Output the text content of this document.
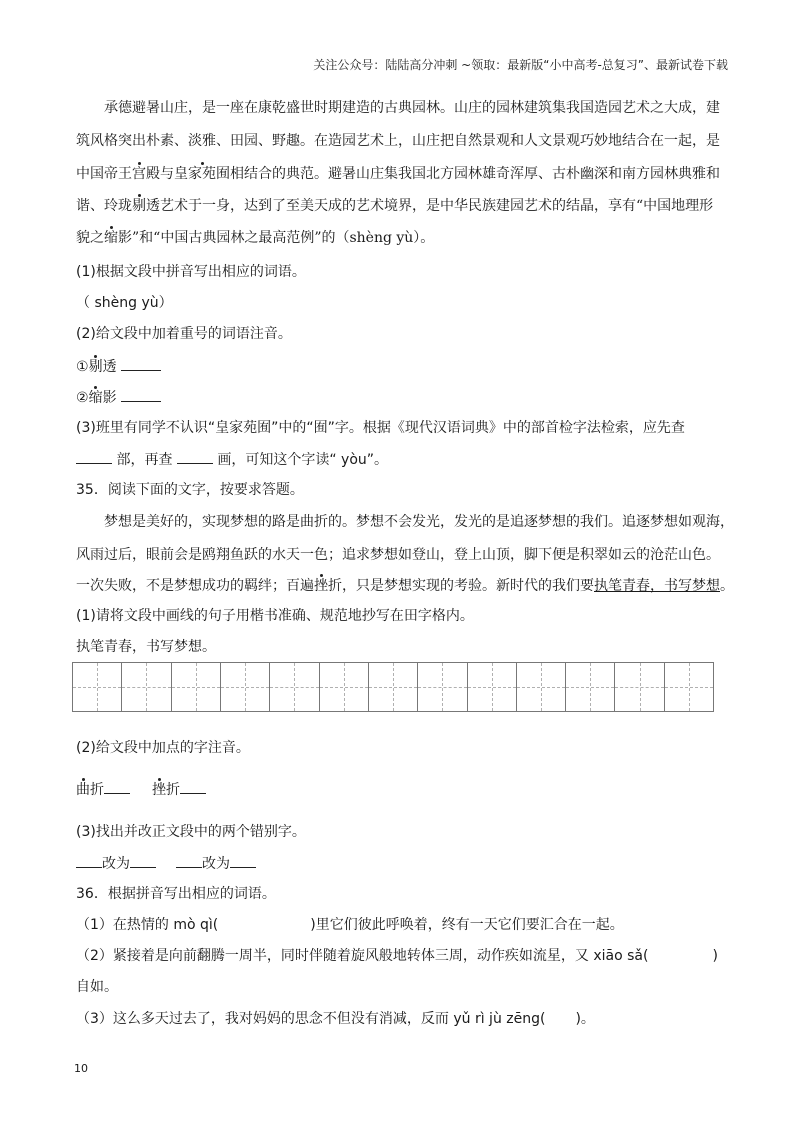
关注公众号：陆陆高分冲刺 ~领取：最新版“小中高考-总复习”、最新试卷下载
承德避暑山庄，是一座在康乾盛世时期建造的古典园林。山庄的园林建筑集我国造园艺术之大成，建
筑风格突出朴素、淡雅、田园、野趣。在造园艺术上，山庄把自然景观和人文景观巧妙地结合在一起，是
中国帝王宫殿与皇家苑囿相结合的典范。避暑山庄集我国北方园林雄奇浑厚、古朴幽深和南方园林典雅和
谐、玲珑剔透艺术于一身，达到了至美天成的艺术境界，是中华民族建园艺术的结晶，享有“中国地理形
貌之缩影”和“中国古典园林之最高范例”的（shèng yù）。
(1)根据文段中拼音写出相应的词语。
（ shèng yù）
(2)给文段中加着重号的词语注音。
①剔透
②缩影
(3)班里有同学不认识“皇家苑囿”中的“囿”字。根据《现代汉语词典》中的部首检字法检索，应先查
部，再查	画，可知这个字读“ yòu”。
35．阅读下面的文字，按要求答题。
梦想是美好的，实现梦想的路是曲折的。梦想不会发光，发光的是追逐梦想的我们。追逐梦想如观海，
风雨过后，眼前会是鸥翔鱼跃的水天一色；追求梦想如登山，登上山顶，脚下便是积翠如云的沧茫山色。
一次失败，不是梦想成功的羁绊；百遍挫折，只是梦想实现的考验。新时代的我们要执笔青春，书写梦想。
(1)请将文段中画线的句子用楷书准确、规范地抄写在田字格内。
执笔青春，书写梦想。
(2)给文段中加点的字注音。
曲折	挫折
(3)找出并改正文段中的两个错别字。
改为	改为
36．根据拼音写出相应的词语。
（1）在热情的 mò qì(	)里它们彼此呼唤着，终有一天它们要汇合在一起。
（2）紧接着是向前翻腾一周半，同时伴随着旋风般地转体三周，动作疾如流星，又 xiāo sǎ(	)
自如。
（3）这么多天过去了，我对妈妈的思念不但没有消减，反而 yǔ rì jù zēng( )。
10
